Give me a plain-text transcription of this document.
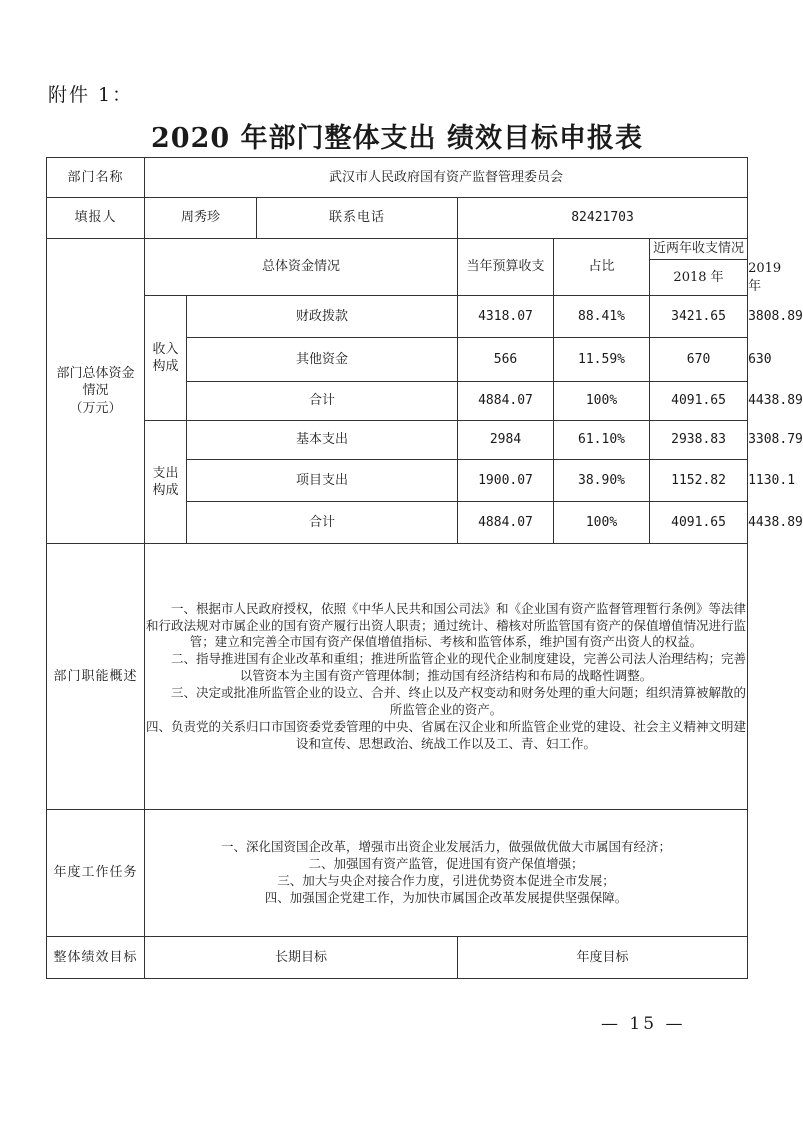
附件 1：
2020 年部门整体支出 绩效目标申报表
部门名称	武汉市人民政府国有资产监督管理委员会						
填报人	周秀珍		联系电话	82421703			

部门总体资金
情况
（万元）	总体资金情况			当年预算收支	占比	近两年收支情况	
						2018 年	2019 年

	收入
构成	财政拨款		4318.07	88.41%	3421.65	3808.89
		其他资金		566	11.59%	670	630
		合计		4884.07	100%	4091.65	4438.89

	支出
构成	基本支出		2984	61.10%	2938.83	3308.79
		项目支出		1900.07	38.90%	1152.82	1130.1
		合计		4884.07	100%	4091.65	4438.89
部门职能概述	一、根据市人民政府授权，依照《中华人民共和国公司法》和《企业国有资产监督管理暂行条例》等法律和行政法规对市属企业的国有资产履行出资人职责；通过统计、稽核对所监管国有资产的保值增值情况进行监管；建立和完善全市国有资产保值增值指标、考核和监管体系，维护国有资产出资人的权益。

二、指导推进国有企业改革和重组；推进所监管企业的现代企业制度建设，完善公司法人治理结构；完善以管资本为主国有资产管理体制；推动国有经济结构和布局的战略性调整。

三、决定或批准所监管企业的设立、合并、终止以及产权变动和财务处理的重大问题；组织清算被解散的所监管企业的资产。

四、负责党的关系归口市国资委党委管理的中央、省属在汉企业和所监管企业党的建设、社会主义精神文明建设和宣传、思想政治、统战工作以及工、青、妇工作。						

年度工作任务	一、深化国资国企改革，增强市出资企业发展活力，做强做优做大市属国有经济；

二、加强国有资产监管，促进国有资产保值增强；

三、加大与央企对接合作力度，引进优势资本促进全市发展；

四、加强国企党建工作，为加快市属国企改革发展提供坚强保障。						

整体绩效目标	长期目标			年度目标			
— 15 —
